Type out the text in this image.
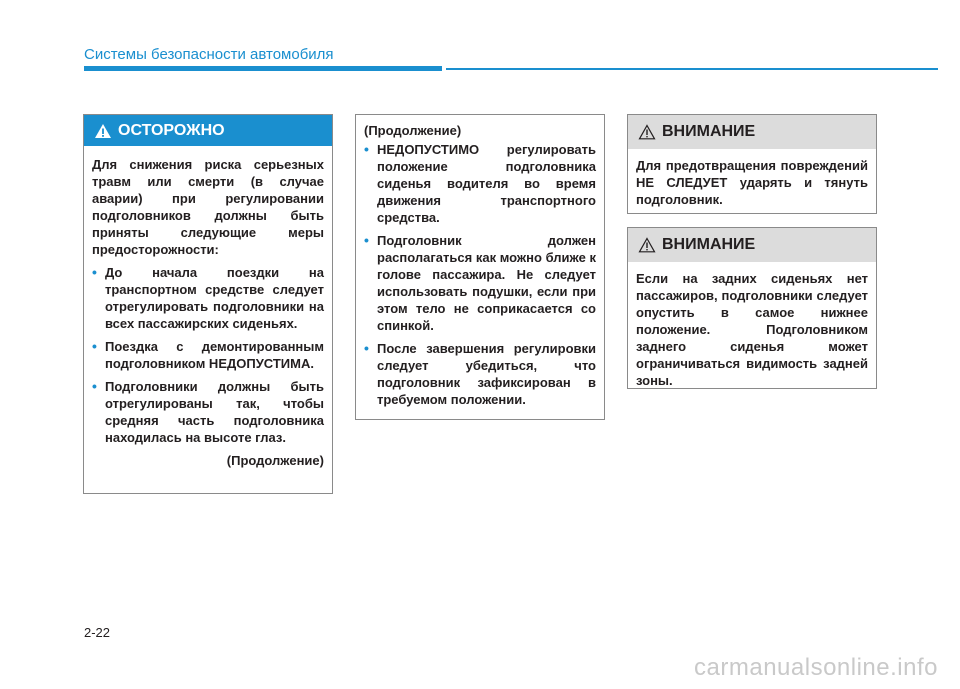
Системы безопасности автомобиля
ОСТОРОЖНО

Для снижения риска серьезных травм или смерти (в случае аварии) при регулировании подголовников должны быть приняты следующие меры предосторожности:

• До начала поездки на транспортном средстве следует отрегулировать подголовники на всех пассажирских сиденьях.
• Поездка с демонтированным подголовником НЕДОПУСТИМА.
• Подголовники должны быть отрегулированы так, чтобы средняя часть подголовника находилась на высоте глаз.
(Продолжение)

(Продолжение)

• НЕДОПУСТИМО регулировать положение подголовника сиденья водителя во время движения транспортного средства.
• Подголовник должен располагаться как можно ближе к голове пассажира. Не следует использовать подушки, если при этом тело не соприкасается со спинкой.
• После завершения регулировки следует убедиться, что подголовник зафиксирован в требуемом положении.
ВНИМАНИЕ

Для предотвращения повреждений НЕ СЛЕДУЕТ ударять и тянуть подголовник.

ВНИМАНИЕ

Если на задних сиденьях нет пассажиров, подголовники следует опустить в самое нижнее положение. Подголовником заднего сиденья может ограничиваться видимость задней зоны.

2-22
carmanualsonline.info
